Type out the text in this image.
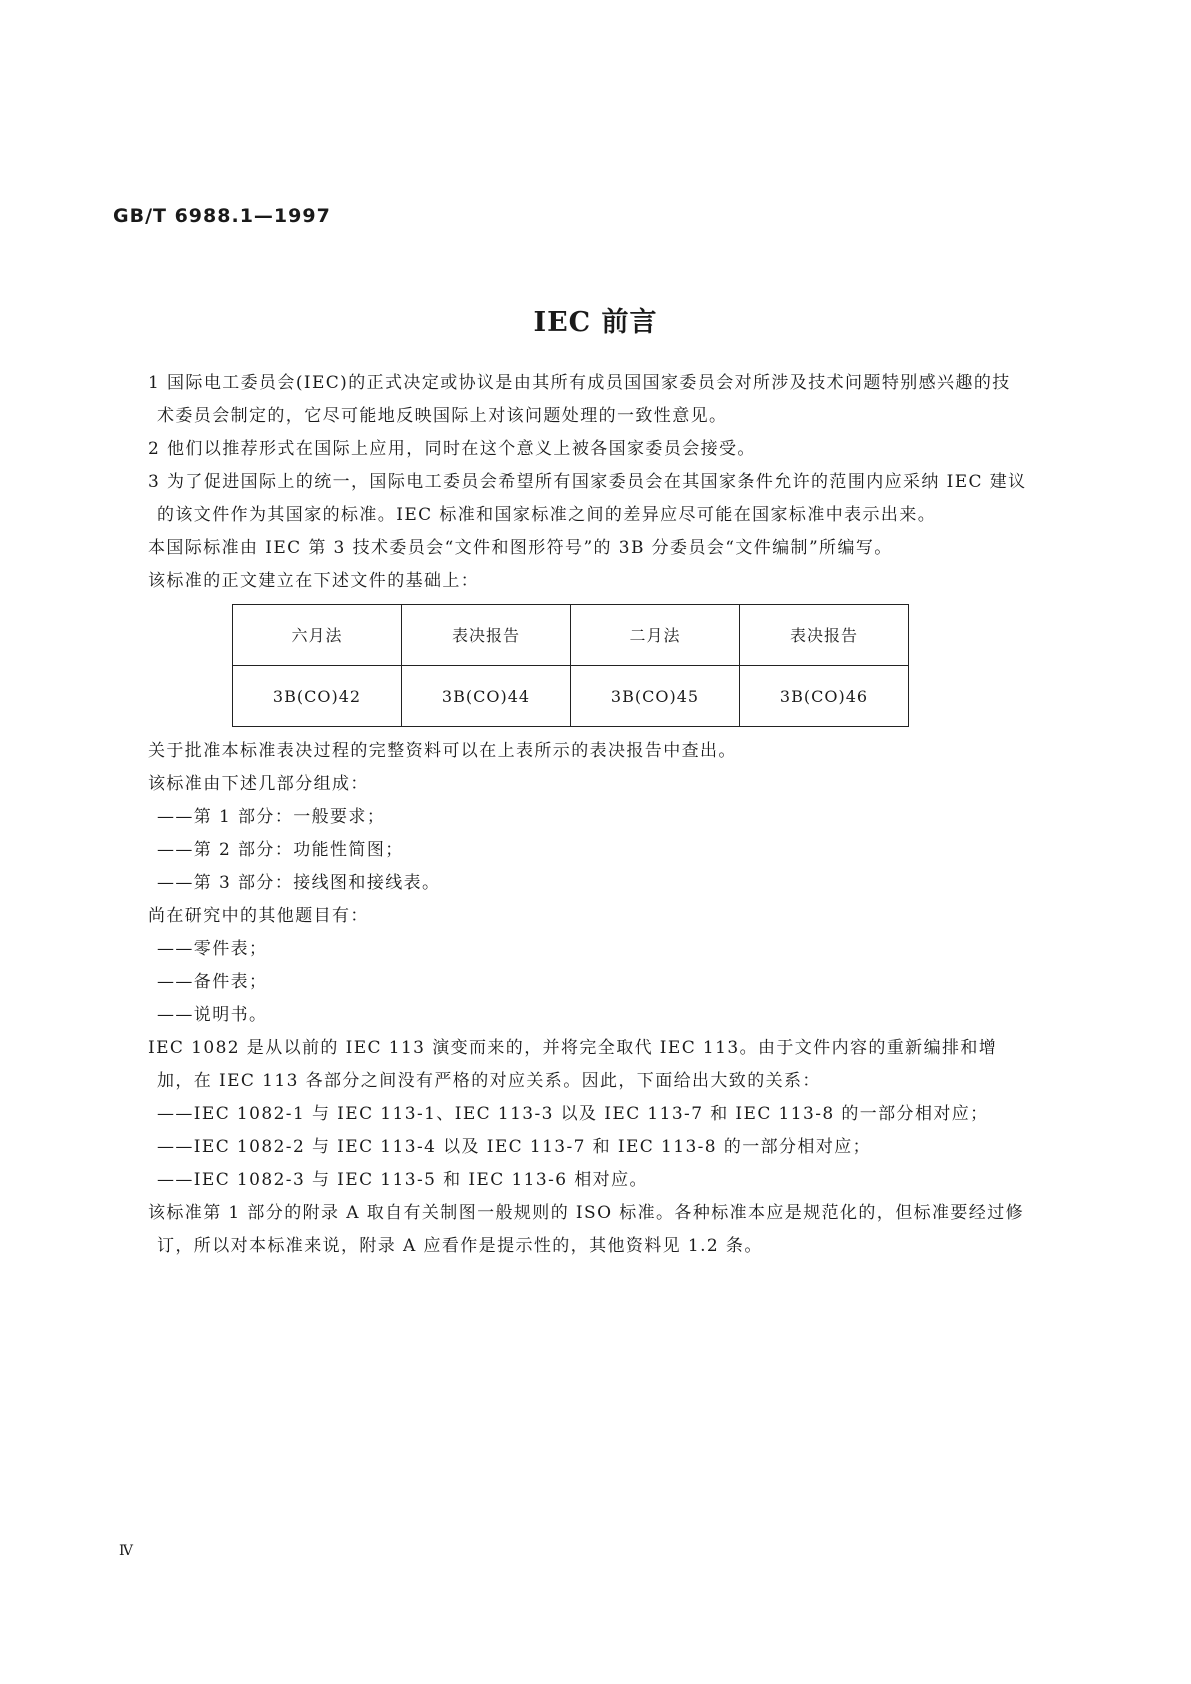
GB/T 6988.1—1997
IEC 前言

1 国际电工委员会(IEC)的正式决定或协议是由其所有成员国国家委员会对所涉及技术问题特别感兴趣的技术委员会制定的，它尽可能地反映国际上对该问题处理的一致性意见。

2 他们以推荐形式在国际上应用，同时在这个意义上被各国家委员会接受。

3 为了促进国际上的统一，国际电工委员会希望所有国家委员会在其国家条件允许的范围内应采纳 IEC 建议的该文件作为其国家的标准。IEC 标准和国家标准之间的差异应尽可能在国家标准中表示出来。

本国际标准由 IEC 第 3 技术委员会“文件和图形符号”的 3B 分委员会“文件编制”所编写。

该标准的正文建立在下述文件的基础上：

六月法	表决报告	二月法	表决报告
3B(CO)42	3B(CO)44	3B(CO)45	3B(CO)46

关于批准本标准表决过程的完整资料可以在上表所示的表决报告中查出。

该标准由下述几部分组成：

——第 1 部分：一般要求；

——第 2 部分：功能性简图；

——第 3 部分：接线图和接线表。

尚在研究中的其他题目有：

——零件表；

——备件表；

——说明书。

IEC 1082 是从以前的 IEC 113 演变而来的，并将完全取代 IEC 113。由于文件内容的重新编排和增加，在 IEC 113 各部分之间没有严格的对应关系。因此，下面给出大致的关系：

——IEC 1082-1 与 IEC 113-1、IEC 113-3 以及 IEC 113-7 和 IEC 113-8 的一部分相对应；

——IEC 1082-2 与 IEC 113-4 以及 IEC 113-7 和 IEC 113-8 的一部分相对应；

——IEC 1082-3 与 IEC 113-5 和 IEC 113-6 相对应。

该标准第 1 部分的附录 A 取自有关制图一般规则的 ISO 标准。各种标准本应是规范化的，但标准要经过修订，所以对本标准来说，附录 A 应看作是提示性的，其他资料见 1.2 条。

Ⅳ
